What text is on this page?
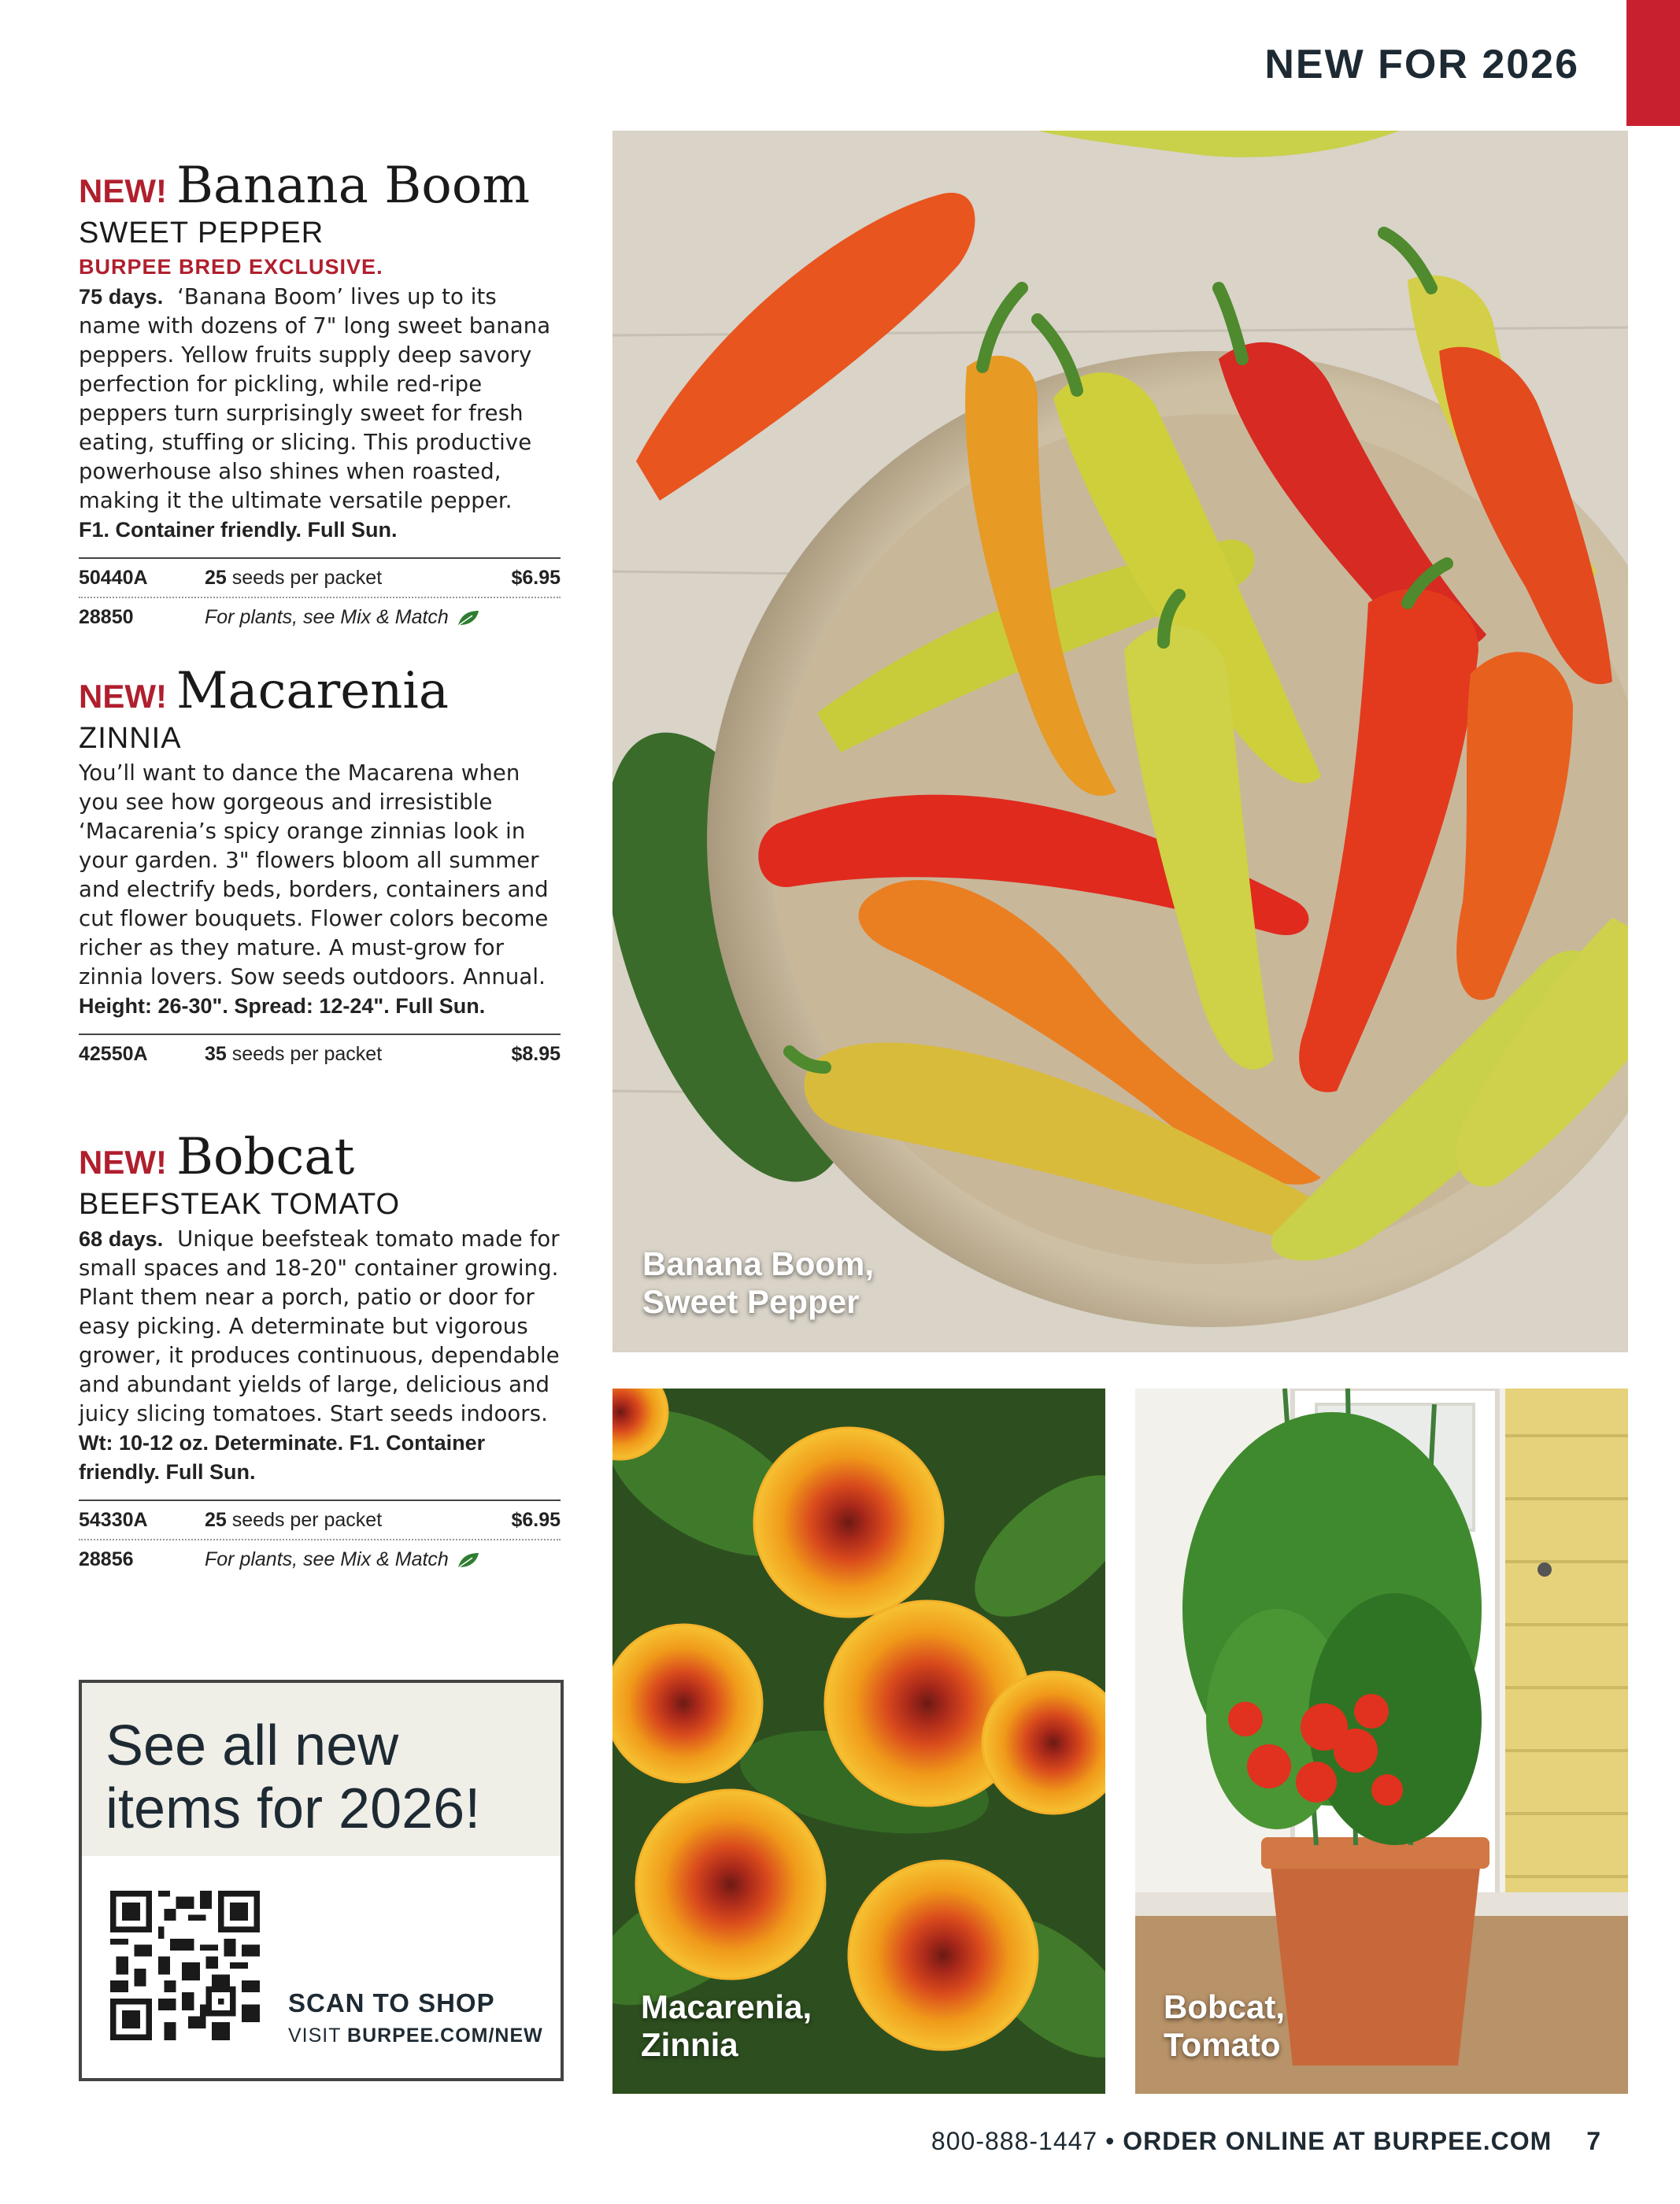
NEW FOR 2026
NEW! Banana Boom
SWEET PEPPER
BURPEE BRED EXCLUSIVE.
75 days. ‘Banana Boom’ lives up to its name with dozens of 7" long sweet banana peppers. Yellow fruits supply deep savory perfection for pickling, while red-ripe peppers turn surprisingly sweet for fresh eating, stuffing or slicing. This productive powerhouse also shines when roasted, making it the ultimate versatile pepper.
F1. Container friendly. Full Sun.
50440A	25 seeds per packet	$6.95
28850	For plants, see Mix & Match
NEW! Macarenia
ZINNIA
You’ll want to dance the Macarena when you see how gorgeous and irresistible ‘Macarenia’s spicy orange zinnias look in your garden. 3" flowers bloom all summer and electrify beds, borders, containers and cut flower bouquets. Flower colors become richer as they mature. A must-grow for zinnia lovers. Sow seeds outdoors. Annual.
Height: 26-30". Spread: 12-24". Full Sun.
42550A	35 seeds per packet	$8.95
NEW! Bobcat
BEEFSTEAK TOMATO
68 days. Unique beefsteak tomato made for small spaces and 18-20" container growing. Plant them near a porch, patio or door for easy picking. A determinate but vigorous grower, it produces continuous, dependable and abundant yields of large, delicious and juicy slicing tomatoes. Start seeds indoors.
Wt: 10-12 oz. Determinate. F1. Container friendly. Full Sun.
54330A	25 seeds per packet	$6.95
28856	For plants, see Mix & Match
See all new
items for 2026!
SCAN TO SHOP
VISIT BURPEE.COM/NEW
Banana Boom,
Sweet Pepper
Macarenia,
Zinnia
Bobcat,
Tomato
800-888-1447 • ORDER ONLINE AT BURPEE.COM 7
